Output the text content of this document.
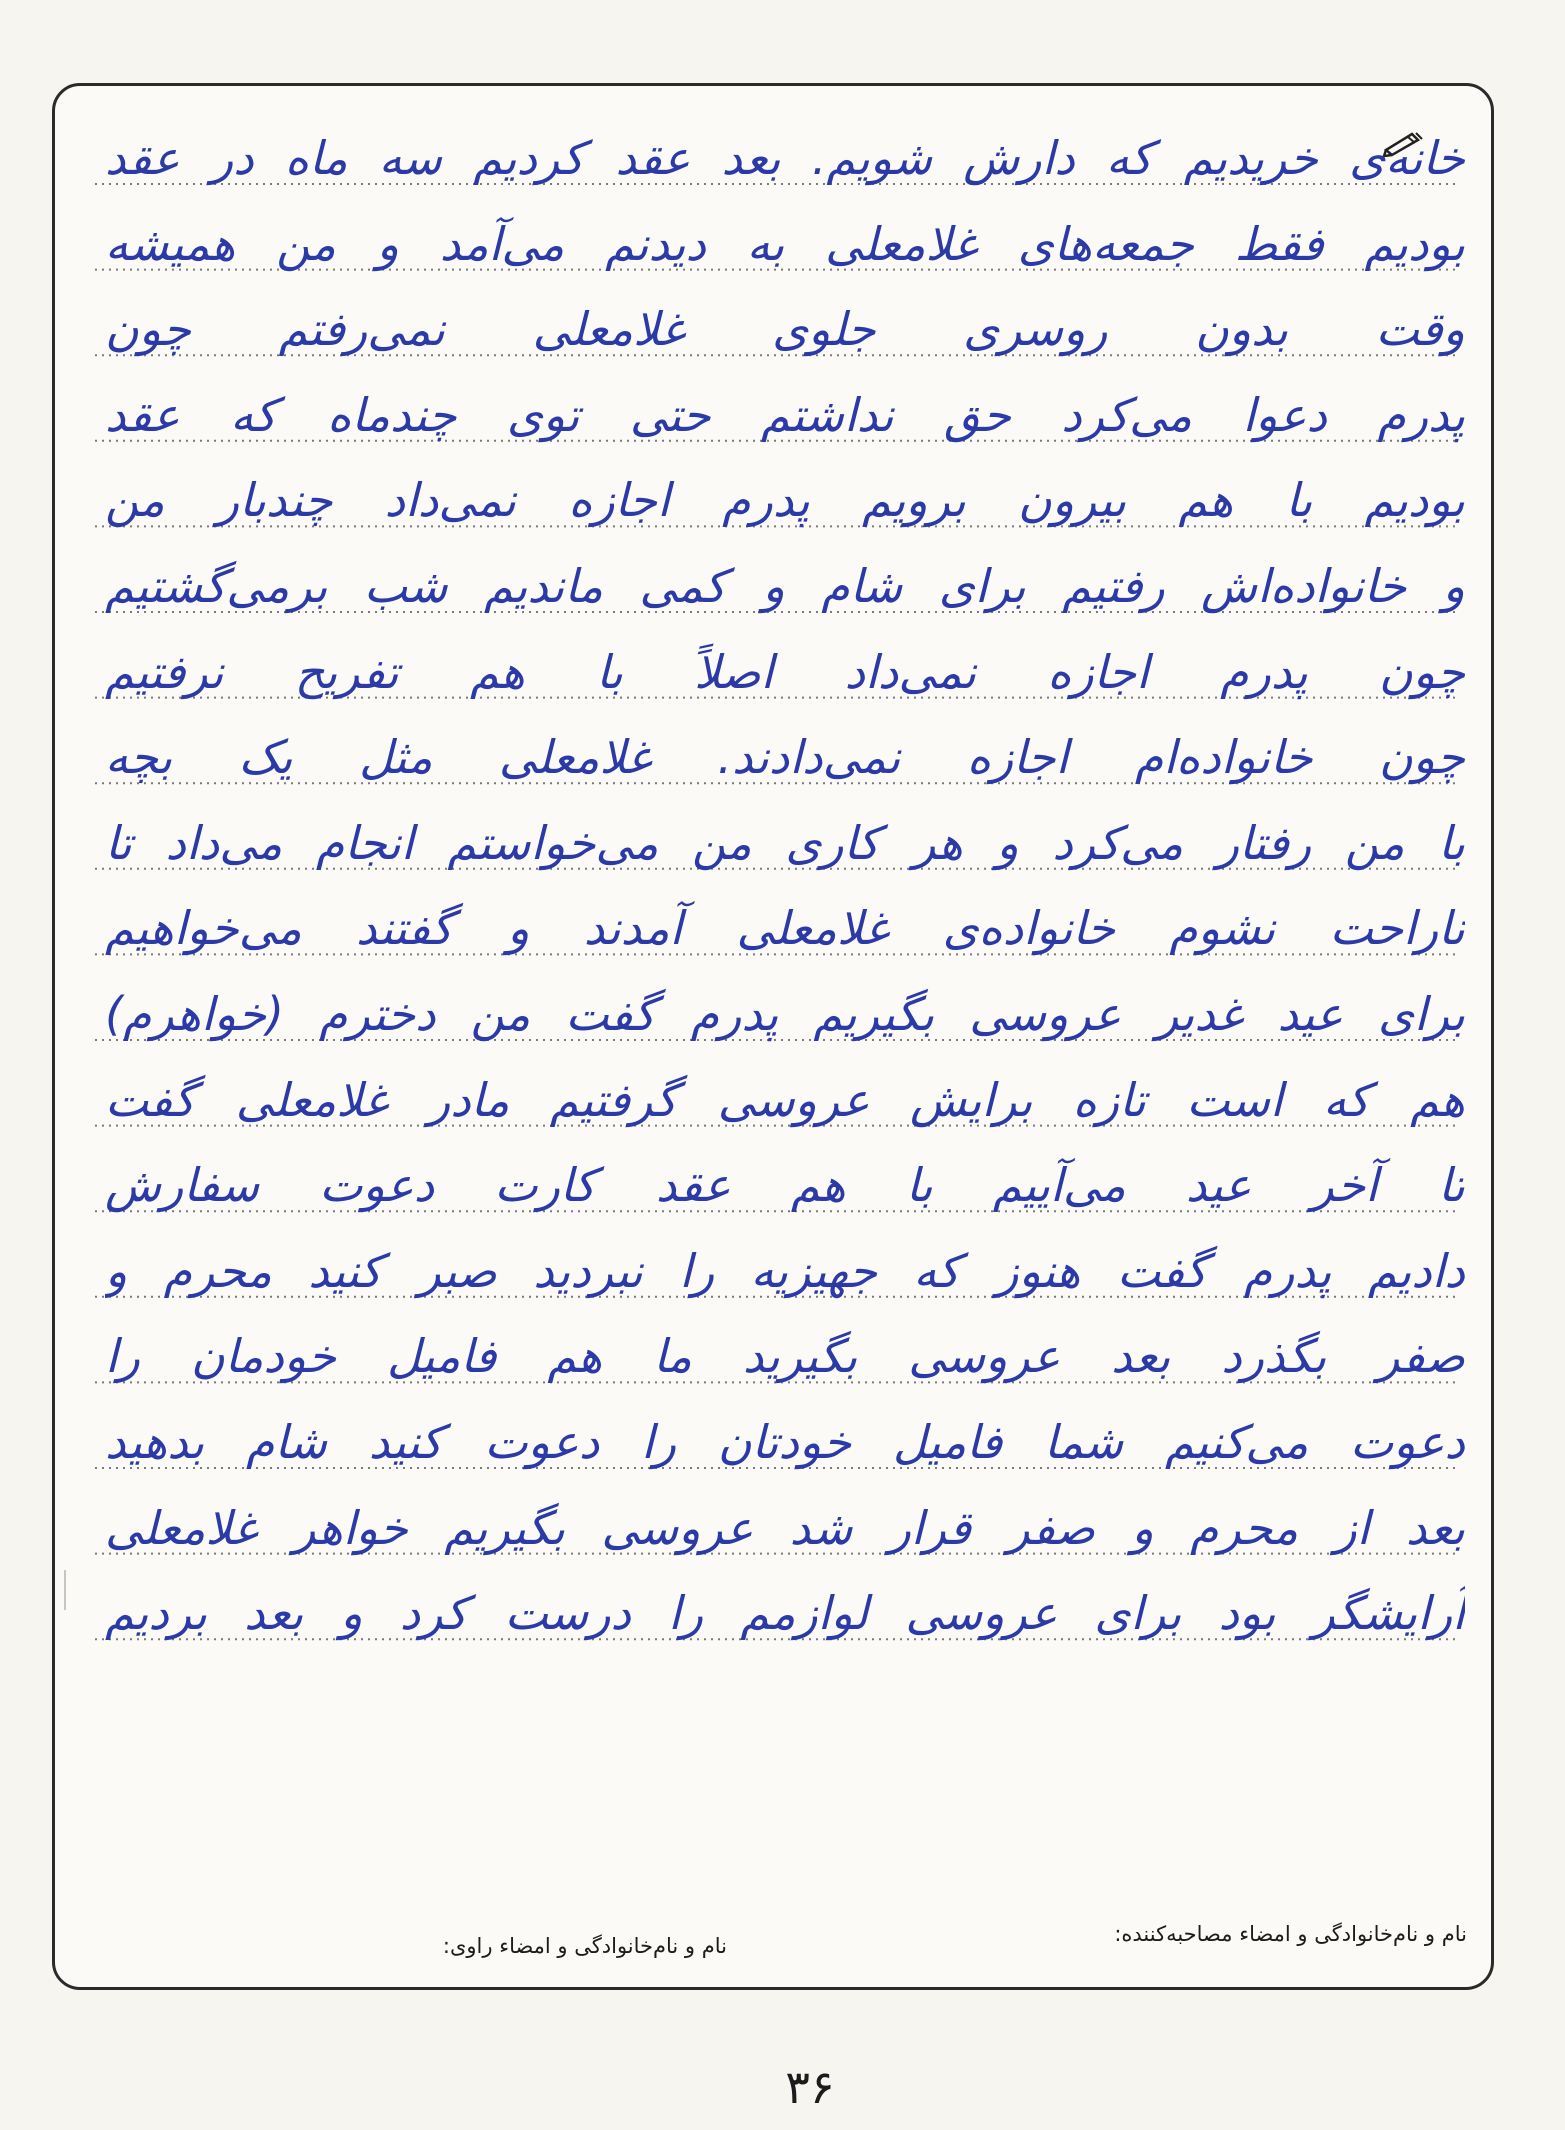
خانه‌ی خریدیم که دارش شویم. بعد عقد کردیم سه ماه در عقد
بودیم فقط جمعه‌های غلامعلی به دیدنم می‌آمد و من همیشه
وقت بدون روسری جلوی غلامعلی نمی‌رفتم چون
پدرم دعوا می‌کرد حق نداشتم حتی توی چندماه که عقد
بودیم با هم بیرون برویم پدرم اجازه نمی‌داد چندبار من
و خانواده‌اش رفتیم برای شام و کمی ماندیم شب برمی‌گشتیم
چون پدرم اجازه نمی‌داد اصلاً با هم تفریح نرفتیم
چون خانواده‌ام اجازه نمی‌دادند. غلامعلی مثل یک بچه
با من رفتار می‌کرد و هر کاری من می‌خواستم انجام می‌داد تا
ناراحت نشوم خانواده‌ی غلامعلی آمدند و گفتند می‌خواهیم
برای عید غدیر عروسی بگیریم پدرم گفت من دخترم (خواهرم)
هم که است تازه برایش عروسی گرفتیم مادر غلامعلی گفت
تا آخر عید می‌آییم با هم عقد کارت دعوت سفارش
دادیم پدرم گفت هنوز که جهیزیه را نبردید صبر کنید محرم و
صفر بگذرد بعد عروسی بگیرید ما هم فامیل خودمان را
دعوت می‌کنیم شما فامیل خودتان را دعوت کنید شام بدهید
بعد از محرم و صفر قرار شد عروسی بگیریم خواهر غلامعلی
آرایشگر بود برای عروسی لوازمم را درست کرد و بعد بردیم
نام و نام‌خانوادگی و امضاء مصاحبه‌کننده:
نام و نام‌خانوادگی و امضاء راوی:
۳۶
